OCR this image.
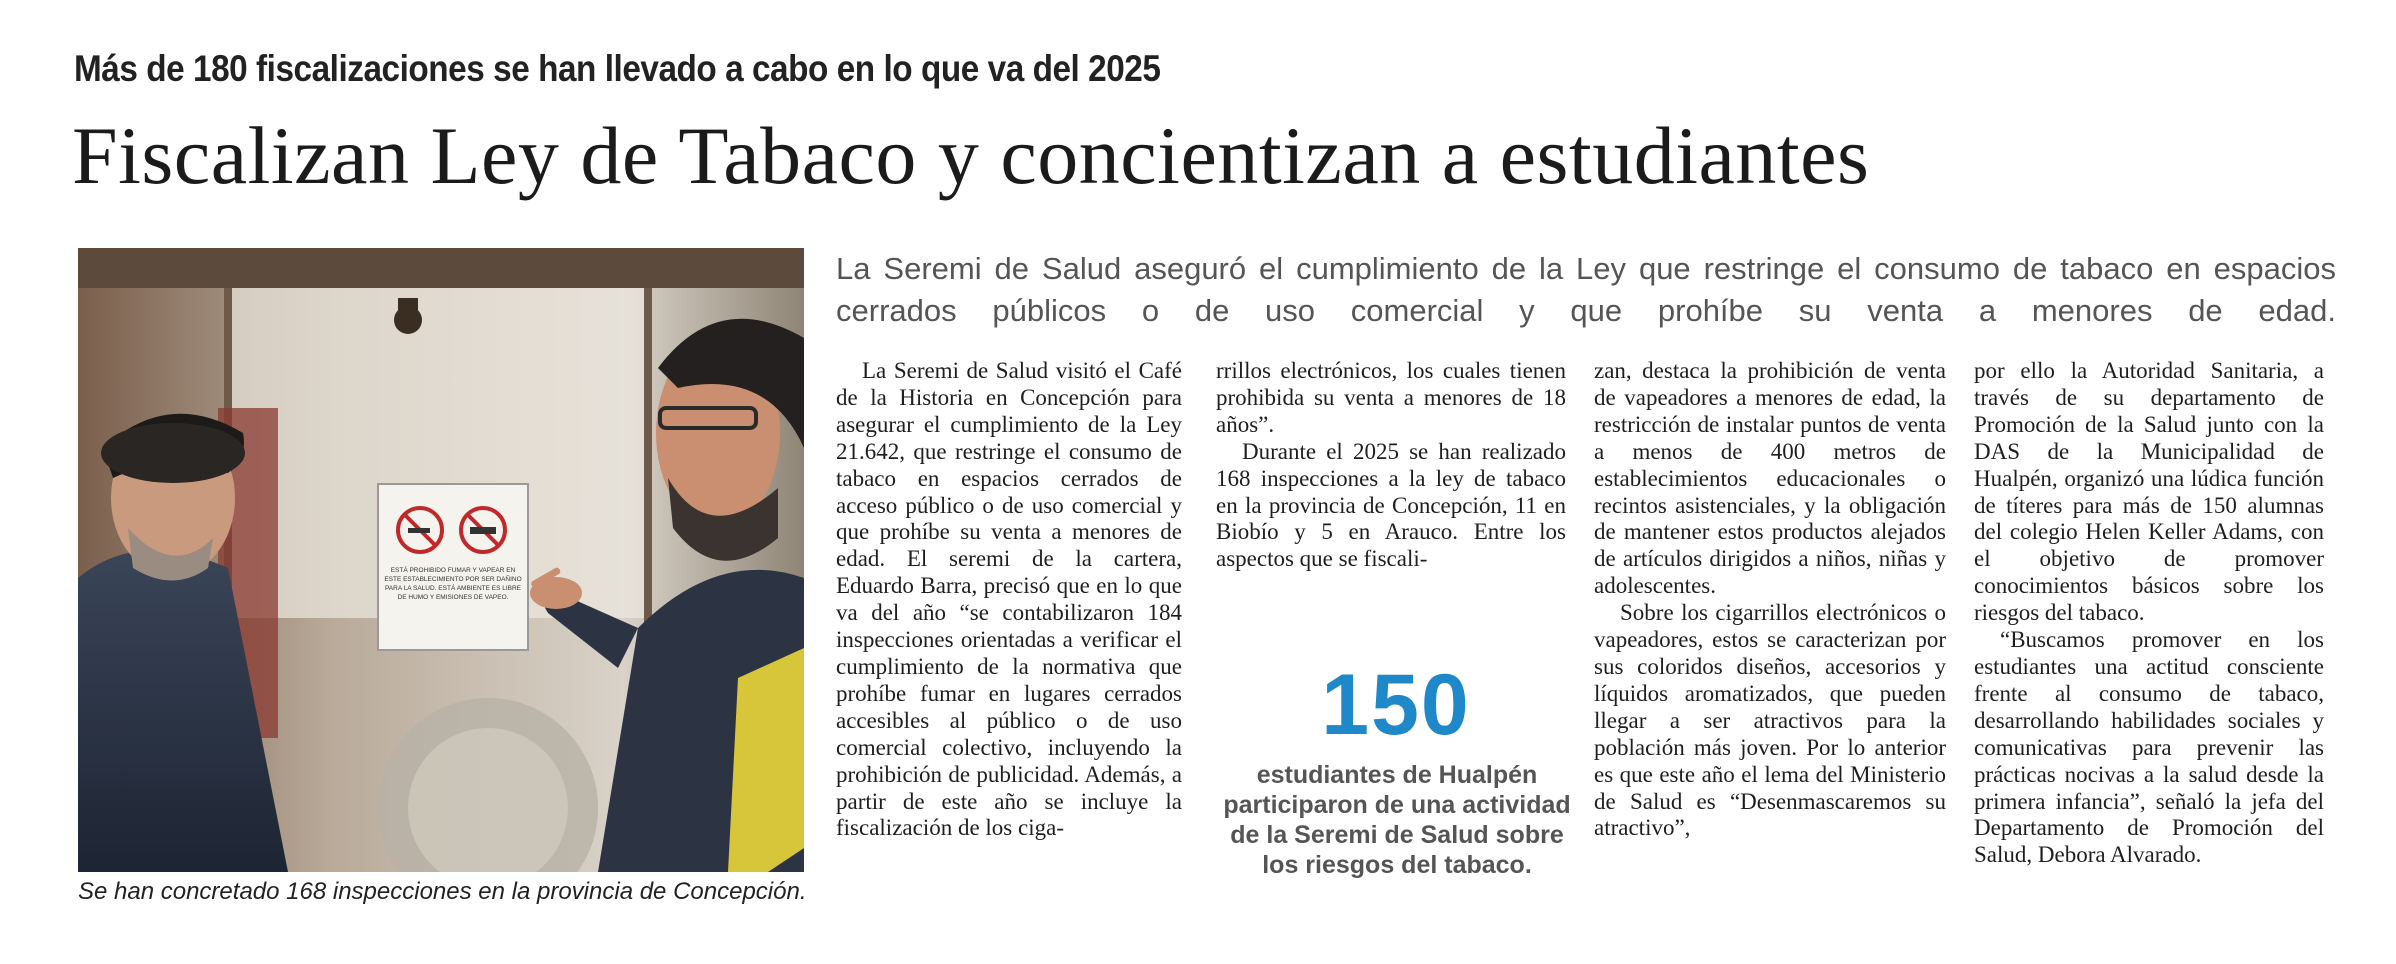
Más de 180 fiscalizaciones se han llevado a cabo en lo que va del 2025
Fiscalizan Ley de Tabaco y concientizan a estudiantes
ESTÁ PROHIBIDO FUMAR Y VAPEAR EN ESTE ESTABLECIMIENTO POR SER DAÑINO PARA LA SALUD. ESTÁ AMBIENTE ES LIBRE DE HUMO Y EMISIONES DE VAPEO.
Se han concretado 168 inspecciones en la provincia de Concepción.
La Seremi de Salud aseguró el cumplimiento de la Ley que restringe el consumo de tabaco en espacios cerrados públicos o de uso comercial y que prohíbe su venta a menores de edad.

La Seremi de Salud visitó el Café de la Historia en Concepción para asegurar el cumplimiento de la Ley 21.642, que restringe el consumo de tabaco en espacios cerrados de acceso público o de uso comercial y que prohíbe su venta a menores de edad. El seremi de la cartera, Eduardo Barra, precisó que en lo que va del año “se contabilizaron 184 inspecciones orientadas a verificar el cumplimiento de la normativa que prohíbe fumar en lugares cerrados accesibles al público o de uso comercial colectivo, incluyendo la prohibición de publicidad. Además, a partir de este año se incluye la fiscalización de los ciga-

rrillos electrónicos, los cuales tienen prohibida su venta a menores de 18 años”.

Durante el 2025 se han realizado 168 inspecciones a la ley de tabaco en la provincia de Concepción, 11 en Biobío y 5 en Arauco. Entre los aspectos que se fiscali-

150
estudiantes de Hualpén participaron de una actividad de la Seremi de Salud sobre los riesgos del tabaco.

zan, destaca la prohibición de venta de vapeadores a menores de edad, la restricción de instalar puntos de venta a menos de 400 metros de establecimientos educacionales o recintos asistenciales, y la obligación de mantener estos productos alejados de artículos dirigidos a niños, niñas y adolescentes.

Sobre los cigarrillos electrónicos o vapeadores, estos se caracterizan por sus coloridos diseños, accesorios y líquidos aromatizados, que pueden llegar a ser atractivos para la población más joven. Por lo anterior es que este año el lema del Ministerio de Salud es “Desenmascaremos su atractivo”,

por ello la Autoridad Sanitaria, a través de su departamento de Promoción de la Salud junto con la DAS de la Municipalidad de Hualpén, organizó una lúdica función de títeres para más de 150 alumnas del colegio Helen Keller Adams, con el objetivo de promover conocimientos básicos sobre los riesgos del tabaco.

“Buscamos promover en los estudiantes una actitud consciente frente al consumo de tabaco, desarrollando habilidades sociales y comunicativas para prevenir las prácticas nocivas a la salud desde la primera infancia”, señaló la jefa del Departamento de Promoción del Salud, Debora Alvarado.
